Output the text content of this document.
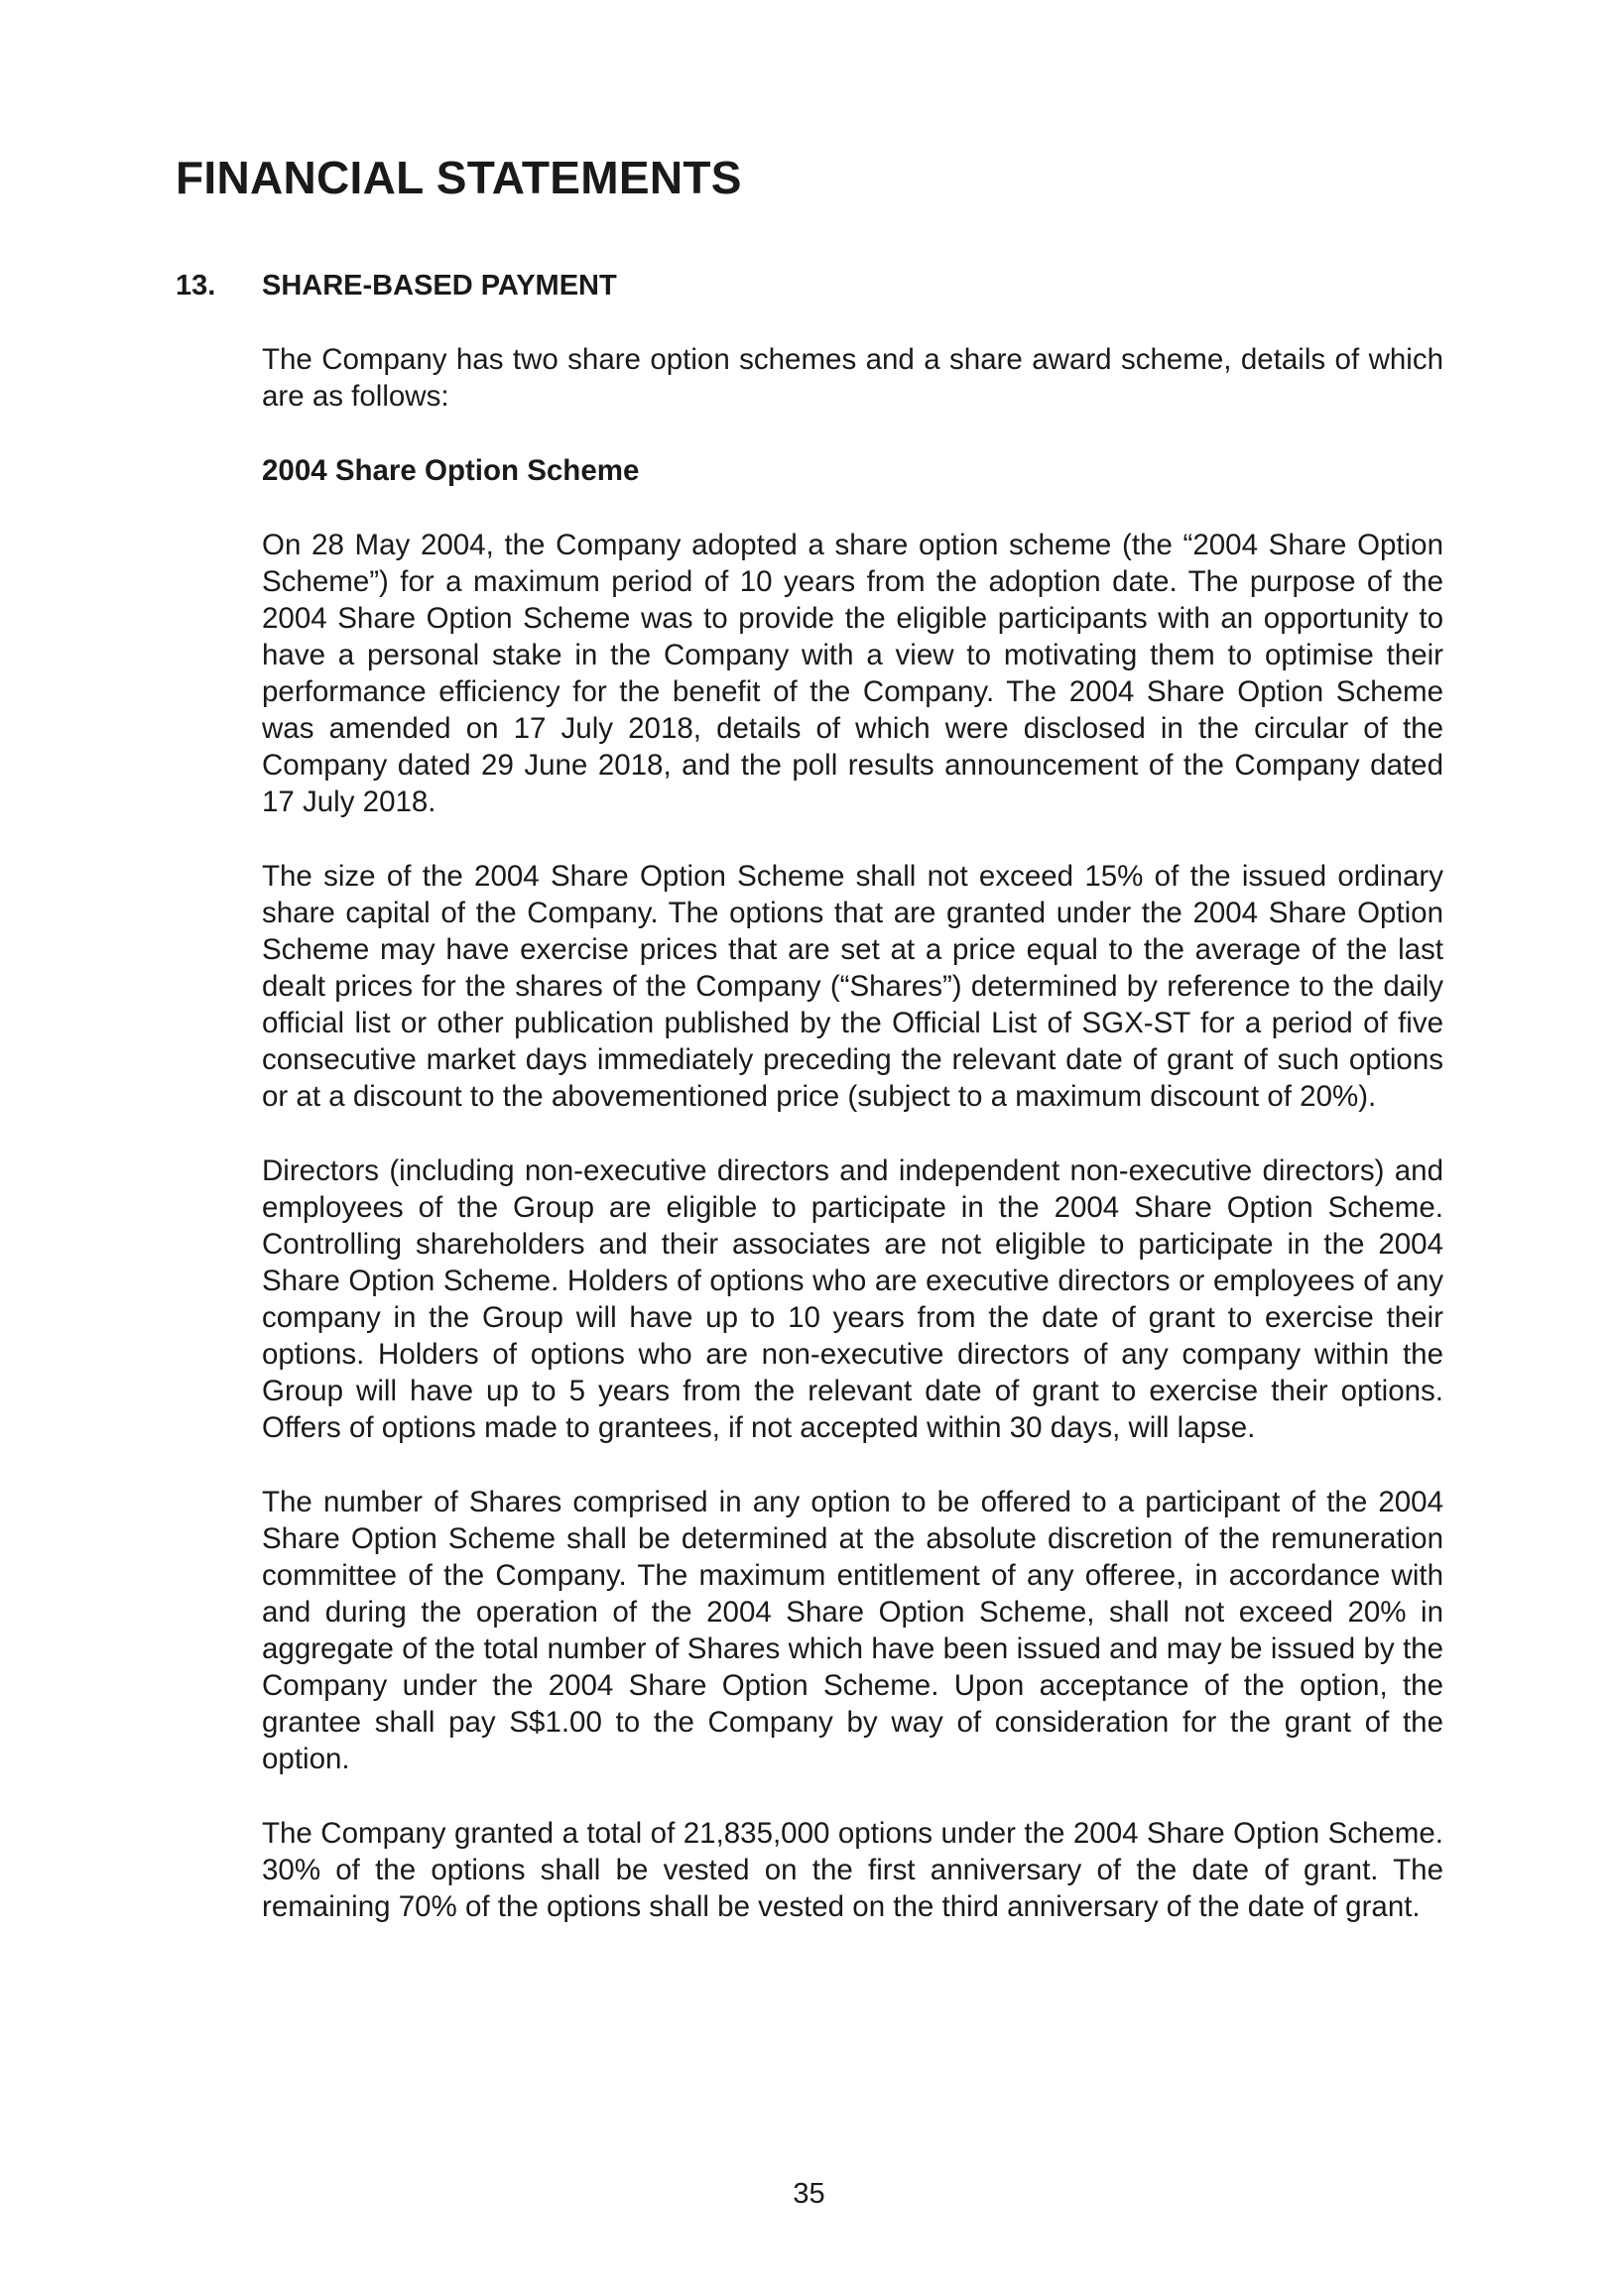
FINANCIAL STATEMENTS
13. SHARE-BASED PAYMENT

The Company has two share option schemes and a share award scheme, details of which are as follows:

2004 Share Option Scheme

On 28 May 2004, the Company adopted a share option scheme (the “2004 Share Option Scheme”) for a maximum period of 10 years from the adoption date. The purpose of the 2004 Share Option Scheme was to provide the eligible participants with an opportunity to have a personal stake in the Company with a view to motivating them to optimise their performance efficiency for the benefit of the Company. The 2004 Share Option Scheme was amended on 17 July 2018, details of which were disclosed in the circular of the Company dated 29 June 2018, and the poll results announcement of the Company dated 17 July 2018.

The size of the 2004 Share Option Scheme shall not exceed 15% of the issued ordinary share capital of the Company. The options that are granted under the 2004 Share Option Scheme may have exercise prices that are set at a price equal to the average of the last dealt prices for the shares of the Company (“Shares”) determined by reference to the daily official list or other publication published by the Official List of SGX-ST for a period of five consecutive market days immediately preceding the relevant date of grant of such options or at a discount to the abovementioned price (subject to a maximum discount of 20%).

Directors (including non-executive directors and independent non-executive directors) and employees of the Group are eligible to participate in the 2004 Share Option Scheme. Controlling shareholders and their associates are not eligible to participate in the 2004 Share Option Scheme. Holders of options who are executive directors or employees of any company in the Group will have up to 10 years from the date of grant to exercise their options. Holders of options who are non-executive directors of any company within the Group will have up to 5 years from the relevant date of grant to exercise their options. Offers of options made to grantees, if not accepted within 30 days, will lapse.

The number of Shares comprised in any option to be offered to a participant of the 2004 Share Option Scheme shall be determined at the absolute discretion of the remuneration committee of the Company. The maximum entitlement of any offeree, in accordance with and during the operation of the 2004 Share Option Scheme, shall not exceed 20% in aggregate of the total number of Shares which have been issued and may be issued by the Company under the 2004 Share Option Scheme. Upon acceptance of the option, the grantee shall pay S$1.00 to the Company by way of consideration for the grant of the option.

The Company granted a total of 21,835,000 options under the 2004 Share Option Scheme. 30% of the options shall be vested on the first anniversary of the date of grant. The remaining 70% of the options shall be vested on the third anniversary of the date of grant.

35
